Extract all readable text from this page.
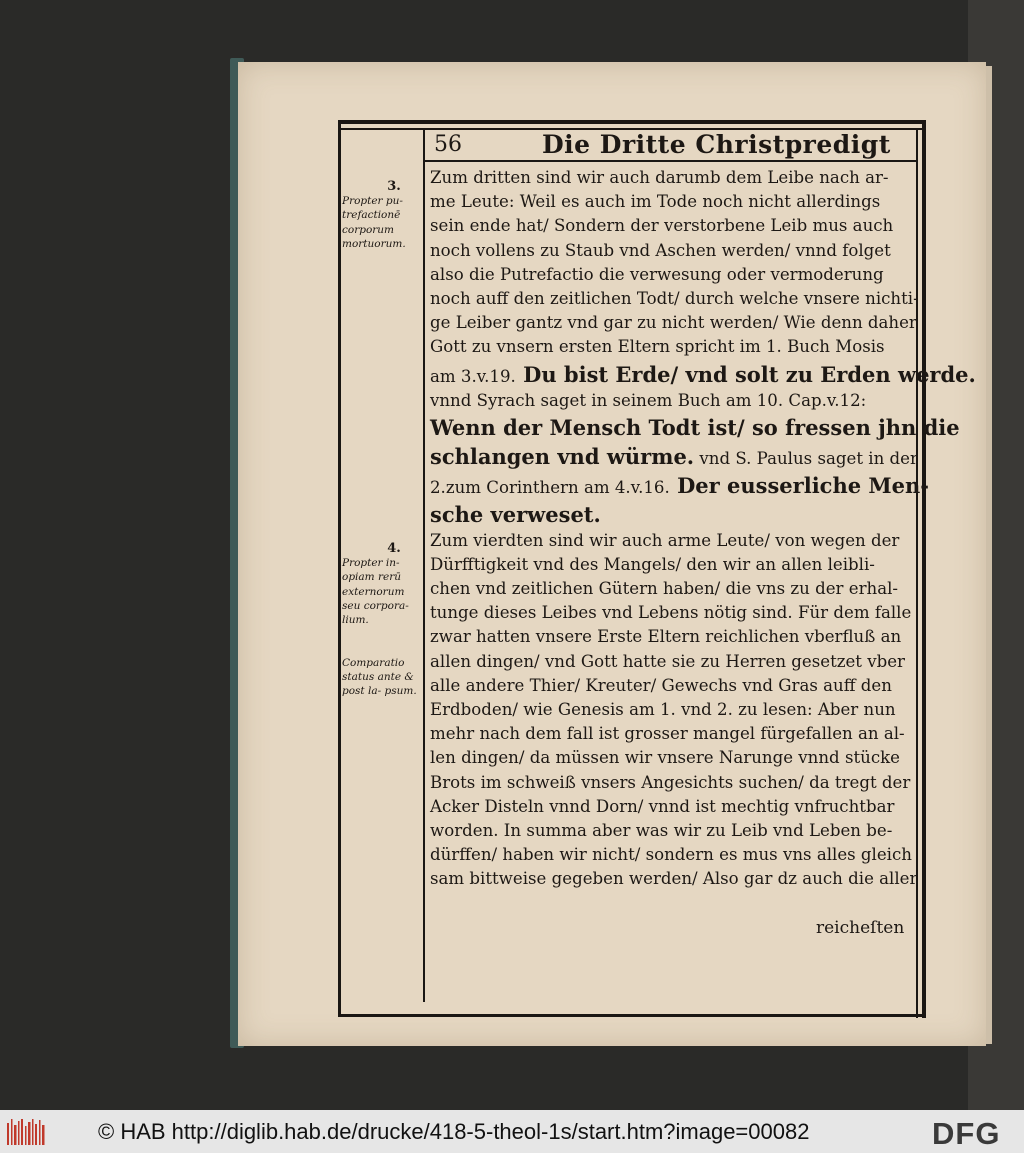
56	Die Dritte Christpredigt
Zum dritten sind wir auch darumb dem Leibe nach ar-
me Leute: Weil es auch im Tode noch nicht allerdings
sein ende hat/ Sondern der verstorbene Leib mus auch
noch vollens zu Staub vnd Aschen werden/ vnnd folget
also die Putrefactio die verwesung oder vermoderung
noch auff den zeitlichen Todt/ durch welche vnsere nichti-
ge Leiber gantz vnd gar zu nicht werden/ Wie denn daher
Gott zu vnsern ersten Eltern spricht im 1. Buch Mosis
am 3.v.19. Du bist Erde/ vnd solt zu Erden werde.
vnnd Syrach saget in seinem Buch am 10. Cap.v.12:
Wenn der Mensch Todt ist/ so fressen jhn die
schlangen vnd würme. vnd S. Paulus saget in der
2.zum Corinthern am 4.v.16. Der eusserliche Men-
sche verweset.
Zum vierdten sind wir auch arme Leute/ von wegen der
Dürfftigkeit vnd des Mangels/ den wir an allen leibli-
chen vnd zeitlichen Gütern haben/ die vns zu der erhal-
tunge dieses Leibes vnd Lebens nötig sind. Für dem falle
zwar hatten vnsere Erste Eltern reichlichen vberfluß an
allen dingen/ vnd Gott hatte sie zu Herren gesetzet vber
alle andere Thier/ Kreuter/ Gewechs vnd Gras auff den
Erdboden/ wie Genesis am 1. vnd 2. zu lesen: Aber nun
mehr nach dem fall ist grosser mangel fürgefallen an al-
len dingen/ da müssen wir vnsere Narunge vnnd stücke
Brots im schweiß vnsers Angesichts suchen/ da tregt der
Acker Disteln vnnd Dorn/ vnnd ist mechtig vnfruchtbar
worden. In summa aber was wir zu Leib vnd Leben be-
dürffen/ haben wir nicht/ sondern es mus vns alles gleich
sam bittweise gegeben werden/ Also gar dz auch die aller
3.
Propter pu- trefactionē corporum mortuorum.
4.
Propter in- opiam rerū externorum seu corpora- lium.
Comparatio status ante & post la- psum.
reicheſten
© HAB http://diglib.hab.de/drucke/418-5-theol-1s/start.htm?image=00082	DFG
